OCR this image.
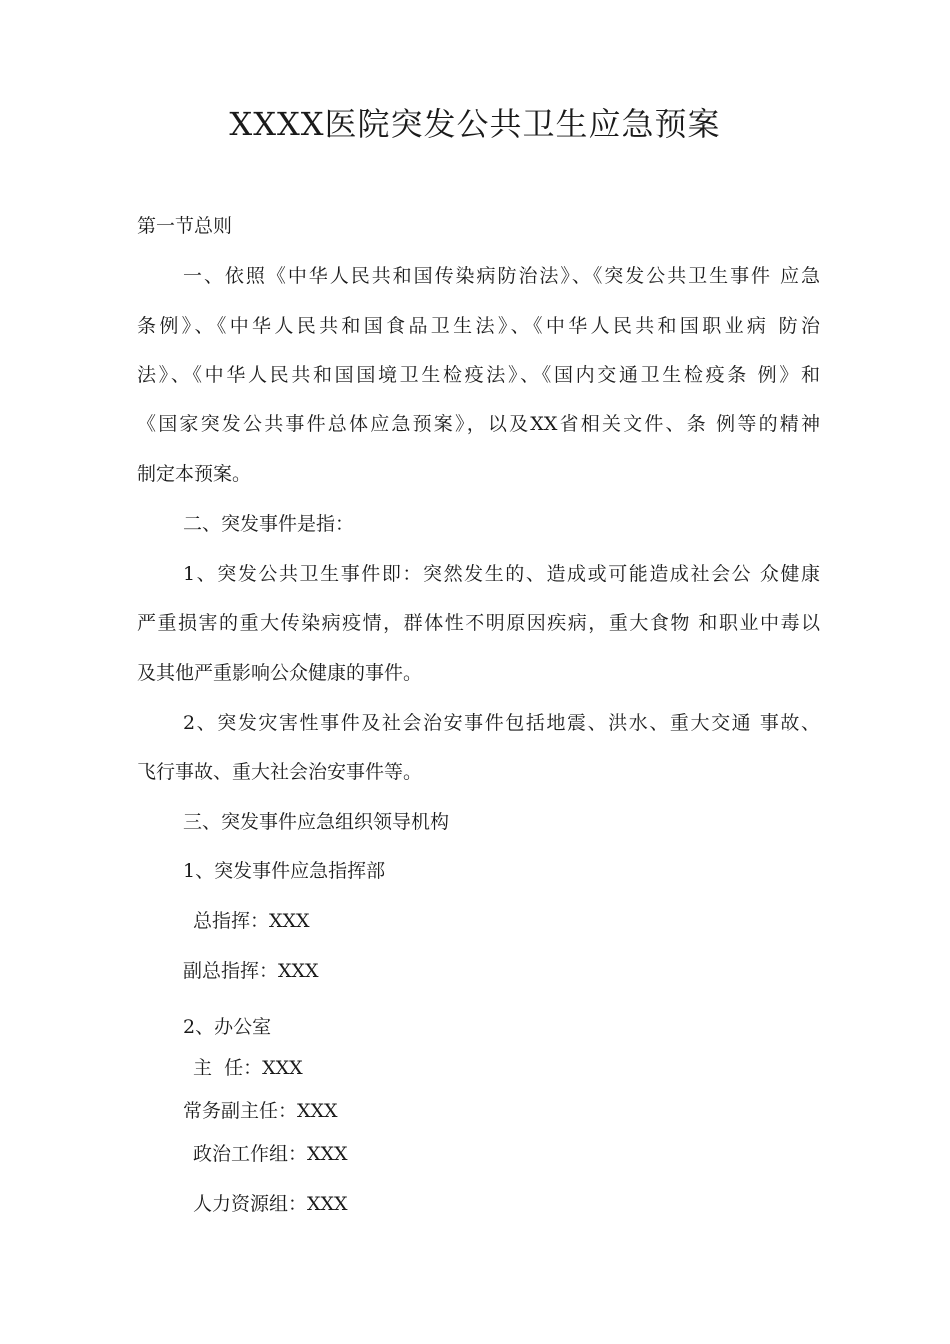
XXXX医院突发公共卫生应急预案
第一节总则
一、依照《中华人民共和国传染病防治法》、《突发公共卫生事件 应急
条例》、《中华人民共和国食品卫生法》、《中华人民共和国职业病 防治
法》、《中华人民共和国国境卫生检疫法》、《国内交通卫生检疫条 例》和
《国家突发公共事件总体应急预案》，以及XX省相关文件、条 例等的精神
制定本预案。
二、突发事件是指：
1、突发公共卫生事件即：突然发生的、造成或可能造成社会公 众健康
严重损害的重大传染病疫情，群体性不明原因疾病，重大食物 和职业中毒以
及其他严重影响公众健康的事件。
2、突发灾害性事件及社会治安事件包括地震、洪水、重大交通 事故、
飞行事故、重大社会治安事件等。
三、突发事件应急组织领导机构
1、突发事件应急指挥部
总指挥：XXX
副总指挥：XXX
2、办公室
主  任：XXX
常务副主任：XXX
政治工作组：XXX
人力资源组：XXX
